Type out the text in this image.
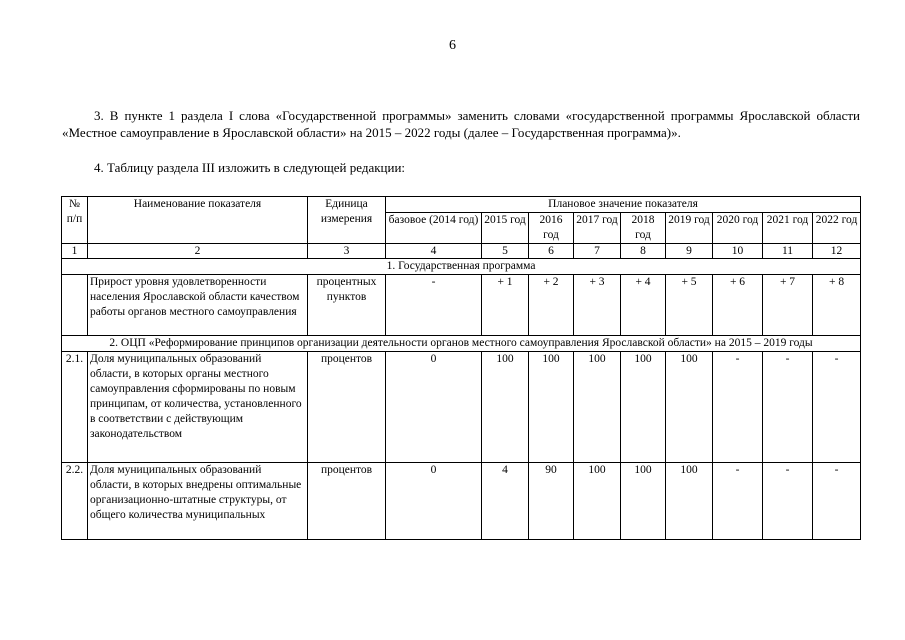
6
3. В пункте 1 раздела I слова «Государственной программы» заменить словами «государственной программы Ярославской области «Местное самоуправление в Ярославской области» на 2015 – 2022 годы (далее – Государственная программа)».
4. Таблицу раздела III изложить в следующей редакции:
№ п/п	Наименование показателя	Единица измерения	Плановое значение показателя								
			базовое (2014 год)	2015 год	2016 год	2017 год	2018 год	2019 год	2020 год	2021 год	2022 год
1	2	3	4	5	6	7	8	9	10	11	12
1. Государственная программа											
	Прирост уровня удовлетворенности населения Ярославской области качеством работы органов местного самоуправления	процентных пунктов	-	+ 1	+ 2	+ 3	+ 4	+ 5	+ 6	+ 7	+ 8
2. ОЦП «Реформирование принципов организации деятельности органов местного самоуправления Ярославской области» на 2015 – 2019 годы											
2.1.	Доля муниципальных образований области, в которых органы местного самоуправления сформированы по новым принципам, от количества, установленного в соответствии с действующим законодательством	процентов	0	100	100	100	100	100	-	-	-
2.2.	Доля муниципальных образований области, в которых внедрены оптимальные организационно-штатные структуры, от общего количества муниципальных	процентов	0	4	90	100	100	100	-	-	-
